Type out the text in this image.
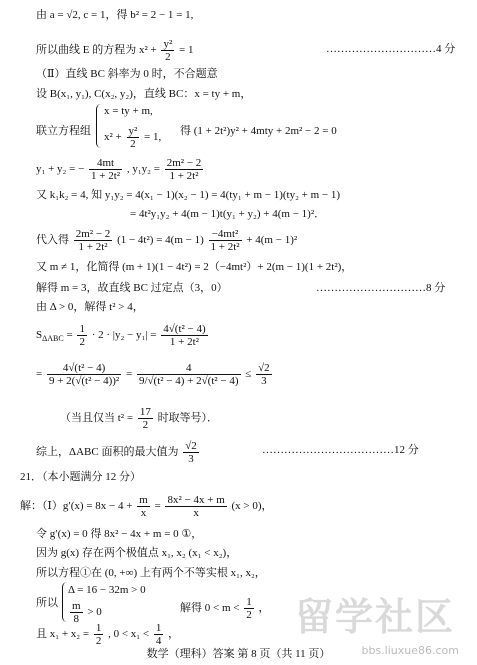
由 a = √2, c = 1，得 b² = 2 − 1 = 1,
所以曲线 E 的方程为 $x^2 + \frac{\text{y²}}{2} = 1$	…………………………4 分
（Ⅱ）直线 BC 斜率为 0 时，不合题意
设 B(x₁, y₁), C(x₂, y₂)，直线 BC：x = ty + m，
联立方程组
x = ty + m,
$x^2 + \frac{\text{y²}}{2} = 1$,
得 (1 + 2t²)y² + 4mty + 2m² − 2 = 0
y₁ + y₂ = − $\frac{4mt}{\text{1 + 2t²}}$ , $y_1y_2 = \frac{\text{2m² − 2}}{\text{1 + 2t²}}$
又 k₁k₂ = 4, 知 y₁y₂ = 4(x₁ − 1)(x₂ − 1) = 4(ty₁ + m − 1)(ty₂ + m − 1)
= 4t²y₁y₂ + 4(m − 1)t(y₁ + y₂) + 4(m − 1)²．
代入得 $\frac{\text{2m² − 2}}{\text{1 + 2t²}} (1 - 4t^2) = 4(m - 1) \frac{\text{−4mt²}}{\text{1 + 2t²}} + 4(m - 1)^2$
又 m ≠ 1，化简得 (m + 1)(1 − 4t²) = 2（−4mt²）+ 2(m − 1)(1 + 2t²)，
解得 m = 3，故直线 BC 过定点（3，0）	…………………………8 分
由 Δ > 0，解得 t² > 4，
$S_{\Delta ABC} = \frac{1}{2} \cdot 2 \cdot |y_2 - y_1| = \frac{\text{4√(t² − 4)}}{\text{1 + 2t²}}$
= $\frac{\text{4√(t² − 4)}}{\text{9 + 2(√(t² − 4))²}} = \frac{4}{\text{9/√(t² − 4) + 2√(t² − 4)}} \le \frac{√2}{3}$
（当且仅当 $t^2 = \frac{17}{2}$ 时取等号）．
综上，ΔABC 面积的最大值为 $\frac{√2}{3}$	………………………………12 分
21．（本小题满分 12 分）
解：（Ⅰ）g′(x) = $8x - 4 + \frac{m}{x} = \frac{\text{8x² − 4x + m}}{x} (x > 0)$，
令 g′(x) = 0 得 8x² − 4x + m = 0 ①，
因为 g(x) 存在两个极值点 x₁, x₂ (x₁ < x₂)，
所以方程①在 (0, +∞) 上有两个不等实根 x₁, x₂，
所以
Δ = 16 − 32m > 0
$\frac{m}{8} > 0$	解得 $0 < m < \frac{1}{2}$ ，
且 $x_1 + x_2 = \frac{1}{2}$ , $0 < x_1 < \frac{1}{4}$ ，
数学（理科）答案 第 8 页（共 11 页）
留学社区
bbs.liuxue86.com
